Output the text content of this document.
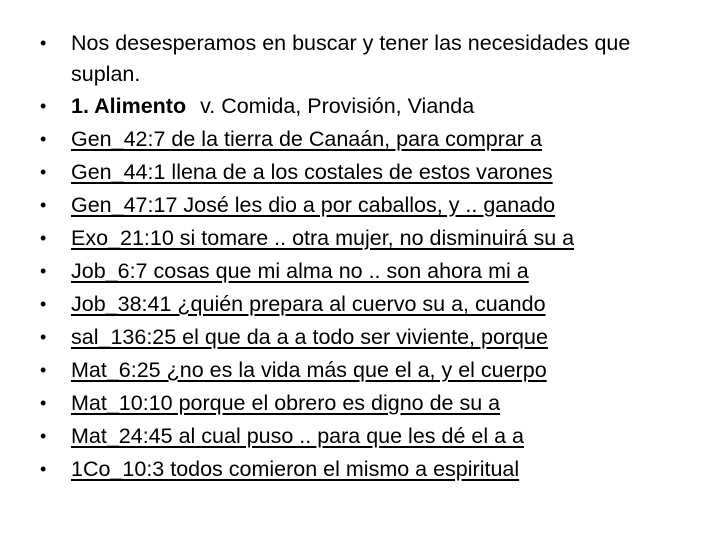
• Nos desesperamos en buscar y tener las necesidades que suplan.
• 1. Alimento v. Comida, Provisión, Vianda
• Gen_42:7 de la tierra de Canaán, para comprar a
• Gen_44:1 llena de a los costales de estos varones
• Gen_47:17 José les dio a por caballos, y .. ganado
• Exo_21:10 si tomare .. otra mujer, no disminuirá su a
• Job_6:7 cosas que mi alma no .. son ahora mi a
• Job_38:41 ¿quién prepara al cuervo su a, cuando
• sal_136:25 el que da a a todo ser viviente, porque
• Mat_6:25 ¿no es la vida más que el a, y el cuerpo
• Mat_10:10 porque el obrero es digno de su a
• Mat_24:45 al cual puso .. para que les dé el a a
• 1Co_10:3 todos comieron el mismo a espiritual
